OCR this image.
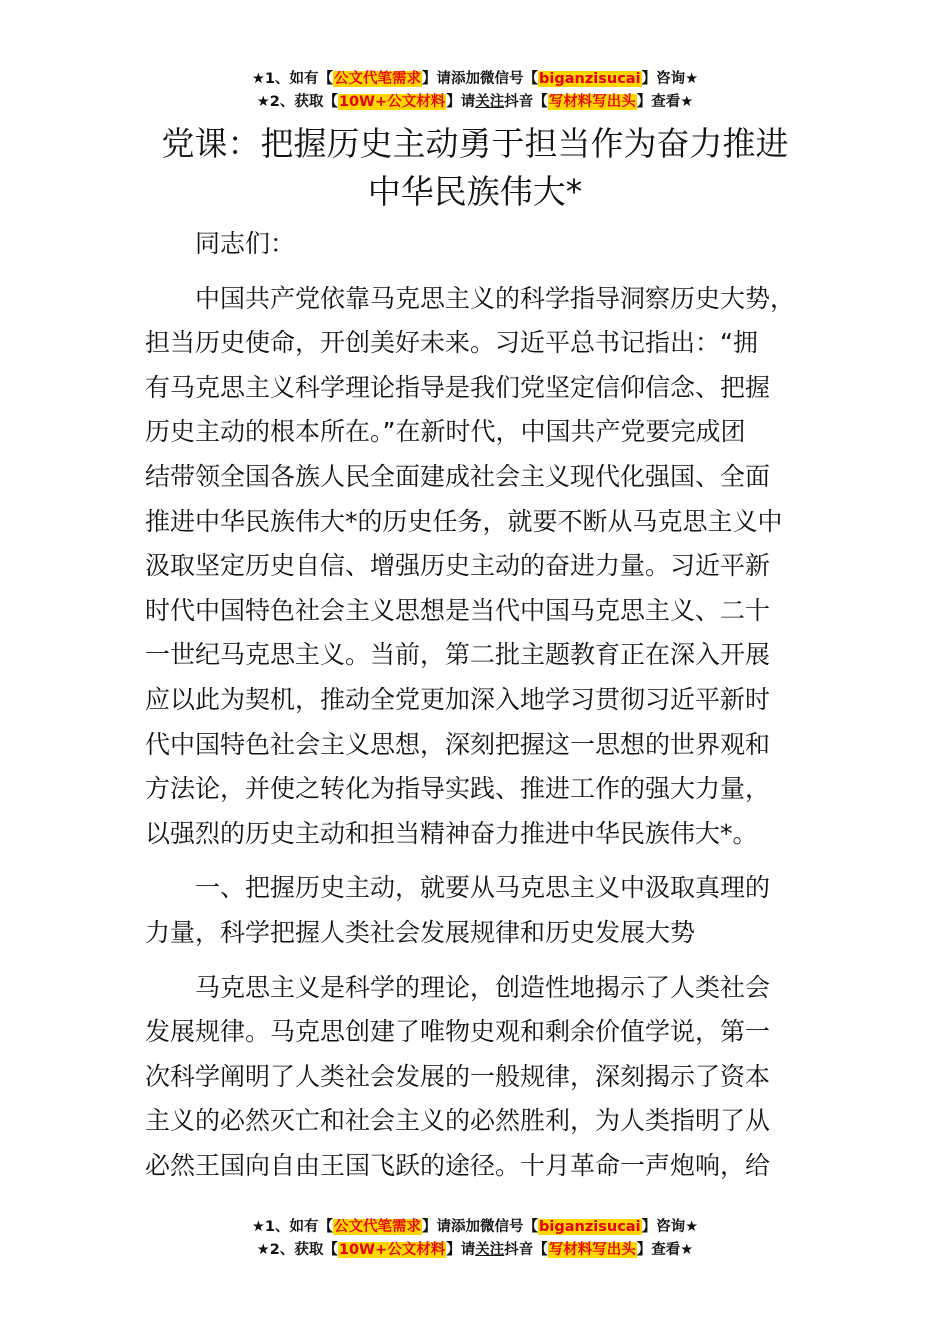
★1、如有【公文代笔需求】请添加微信号【biganzisucai】咨询★
★2、获取【10W+公文材料】请关注抖音【写材料写出头】查看★
党课：把握历史主动勇于担当作为奋力推进
中华民族伟大*

同志们：

中国共产党依靠马克思主义的科学指导洞察历史大势，
担当历史使命，开创美好未来。习近平总书记指出：“拥
有马克思主义科学理论指导是我们党坚定信仰信念、把握
历史主动的根本所在。”在新时代，中国共产党要完成团
结带领全国各族人民全面建成社会主义现代化强国、全面
推进中华民族伟大*的历史任务，就要不断从马克思主义中
汲取坚定历史自信、增强历史主动的奋进力量。习近平新
时代中国特色社会主义思想是当代中国马克思主义、二十
一世纪马克思主义。当前，第二批主题教育正在深入开展
应以此为契机，推动全党更加深入地学习贯彻习近平新时
代中国特色社会主义思想，深刻把握这一思想的世界观和
方法论，并使之转化为指导实践、推进工作的强大力量，
以强烈的历史主动和担当精神奋力推进中华民族伟大*。

一、把握历史主动，就要从马克思主义中汲取真理的
力量，科学把握人类社会发展规律和历史发展大势

马克思主义是科学的理论，创造性地揭示了人类社会
发展规律。马克思创建了唯物史观和剩余价值学说，第一
次科学阐明了人类社会发展的一般规律，深刻揭示了资本
主义的必然灭亡和社会主义的必然胜利，为人类指明了从
必然王国向自由王国飞跃的途径。十月革命一声炮响，给

★1、如有【公文代笔需求】请添加微信号【biganzisucai】咨询★
★2、获取【10W+公文材料】请关注抖音【写材料写出头】查看★
